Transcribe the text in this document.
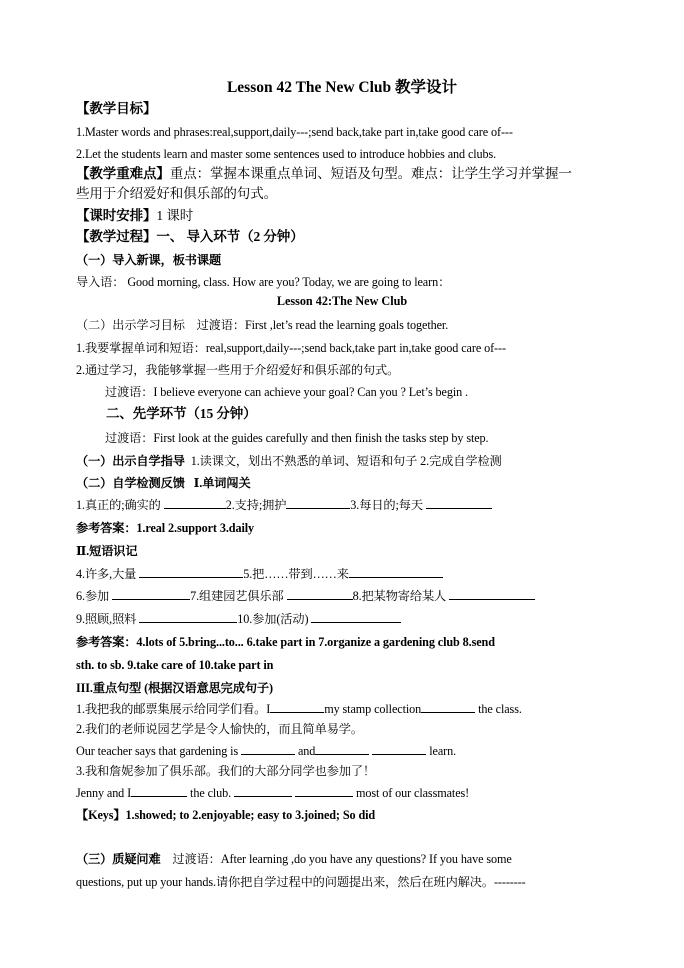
Lesson 42 The New Club 教学设计
【教学目标】
1.Master words and phrases:real,support,daily---;send back,take part in,take good care of---
2.Let the students learn and master some sentences used to introduce hobbies and clubs.
【教学重难点】重点：掌握本课重点单词、短语及句型。难点：让学生学习并掌握一
些用于介绍爱好和俱乐部的句式。
【课时安排】1 课时
【教学过程】一、 导入环节（2 分钟）
（一）导入新课，板书课题
导入语： Good morning, class. How are you? Today, we are going to learn：
Lesson 42:The New Club
（二）出示学习目标 过渡语：First ,let’s read the learning goals together.
1.我要掌握单词和短语：real,support,daily---;send back,take part in,take good care of---
2.通过学习，我能够掌握一些用于介绍爱好和俱乐部的句式。
过渡语：I believe everyone can achieve your goal? Can you ? Let’s begin .
二、先学环节（15 分钟）
过渡语：First look at the guides carefully and then finish the tasks step by step.
（一）出示自学指导 1.读课文，划出不熟悉的单词、短语和句子 2.完成自学检测
（二）自学检测反馈 Ⅰ.单词闯关
1.真正的;确实的	2.支持;拥护	3.每日的;每天
参考答案：1.real 2.support 3.daily
Ⅱ.短语识记
4.许多,大量	5.把……带到……来
6.参加	7.组建园艺俱乐部	8.把某物寄给某人
9.照顾,照料	10.参加(活动)
参考答案：4.lots of 5.bring...to... 6.take part in 7.organize a gardening club 8.send
sth. to sb. 9.take care of 10.take part in
III.重点句型 (根据汉语意思完成句子)
1.我把我的邮票集展示给同学们看。I	my stamp collection	the class.
2.我们的老师说园艺学是令人愉快的，而且简单易学。
Our teacher says that gardening is	and	learn.
3.我和詹妮参加了俱乐部。我们的大部分同学也参加了！
Jenny and I	the club.	most of our classmates!
【Keys】1.showed; to 2.enjoyable; easy to 3.joined; So did
（三）质疑问难 过渡语：After learning ,do you have any questions? If you have some
questions, put up your hands.请你把自学过程中的问题提出来，然后在班内解决。--------
